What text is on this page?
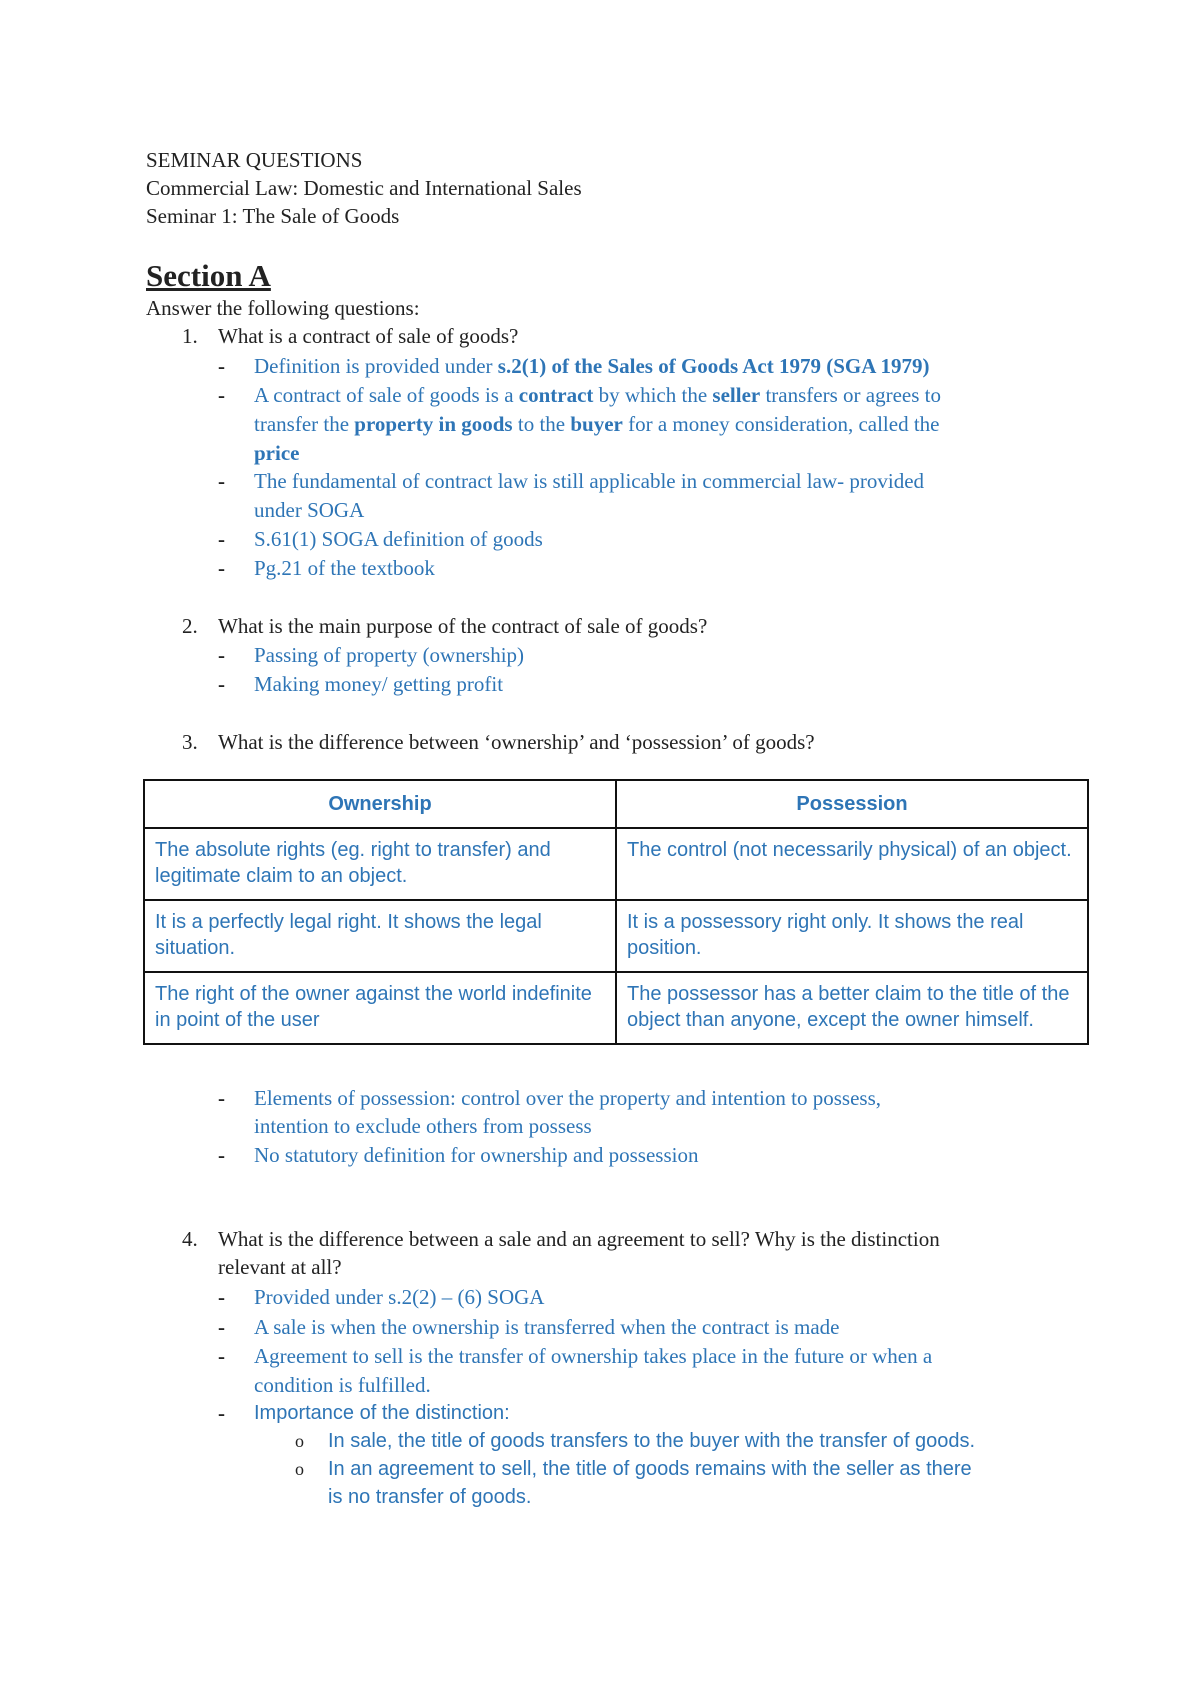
SEMINAR QUESTIONS
Commercial Law: Domestic and International Sales
Seminar 1: The Sale of Goods
Section A
Answer the following questions:
1. What is a contract of sale of goods?
- Definition is provided under s.2(1) of the Sales of Goods Act 1979 (SGA 1979)
- A contract of sale of goods is a contract by which the seller transfers or agrees to
transfer the property in goods to the buyer for a money consideration, called the
price
- The fundamental of contract law is still applicable in commercial law- provided
under SOGA
- S.61(1) SOGA definition of goods
- Pg.21 of the textbook
2. What is the main purpose of the contract of sale of goods?
- Passing of property (ownership)
- Making money/ getting profit
3. What is the difference between ‘ownership’ and ‘possession’ of goods?
Ownership	Possession
The absolute rights (eg. right to transfer) and legitimate claim to an object.	The control (not necessarily physical) of an object.
It is a perfectly legal right. It shows the legal situation.	It is a possessory right only. It shows the real position.
The right of the owner against the world indefinite in point of the user	The possessor has a better claim to the title of the object than anyone, except the owner himself.
- Elements of possession: control over the property and intention to possess,
intention to exclude others from possess
- No statutory definition for ownership and possession
4. What is the difference between a sale and an agreement to sell? Why is the distinction
relevant at all?
- Provided under s.2(2) – (6) SOGA
- A sale is when the ownership is transferred when the contract is made
- Agreement to sell is the transfer of ownership takes place in the future or when a
condition is fulfilled.
- Importance of the distinction:
o In sale, the title of goods transfers to the buyer with the transfer of goods.
o In an agreement to sell, the title of goods remains with the seller as there
is no transfer of goods.
